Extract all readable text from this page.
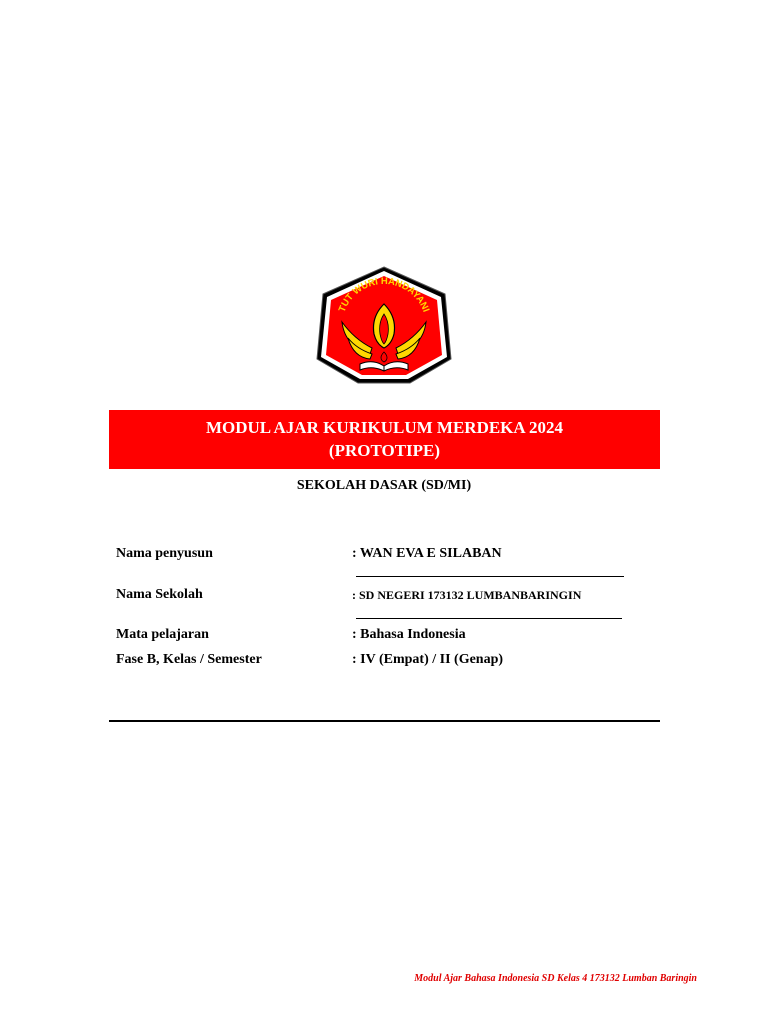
TUT WURI HANDAYANI
MODUL AJAR KURIKULUM MERDEKA 2024
(PROTOTIPE)
SEKOLAH DASAR (SD/MI)
Nama penyusun	: WAN EVA E SILABAN
Nama Sekolah	: SD NEGERI 173132 LUMBANBARINGIN
Mata pelajaran	: Bahasa Indonesia
Fase B, Kelas / Semester	: IV (Empat) / II (Genap)
Modul Ajar Bahasa Indonesia SD Kelas 4 173132 Lumban Baringin
